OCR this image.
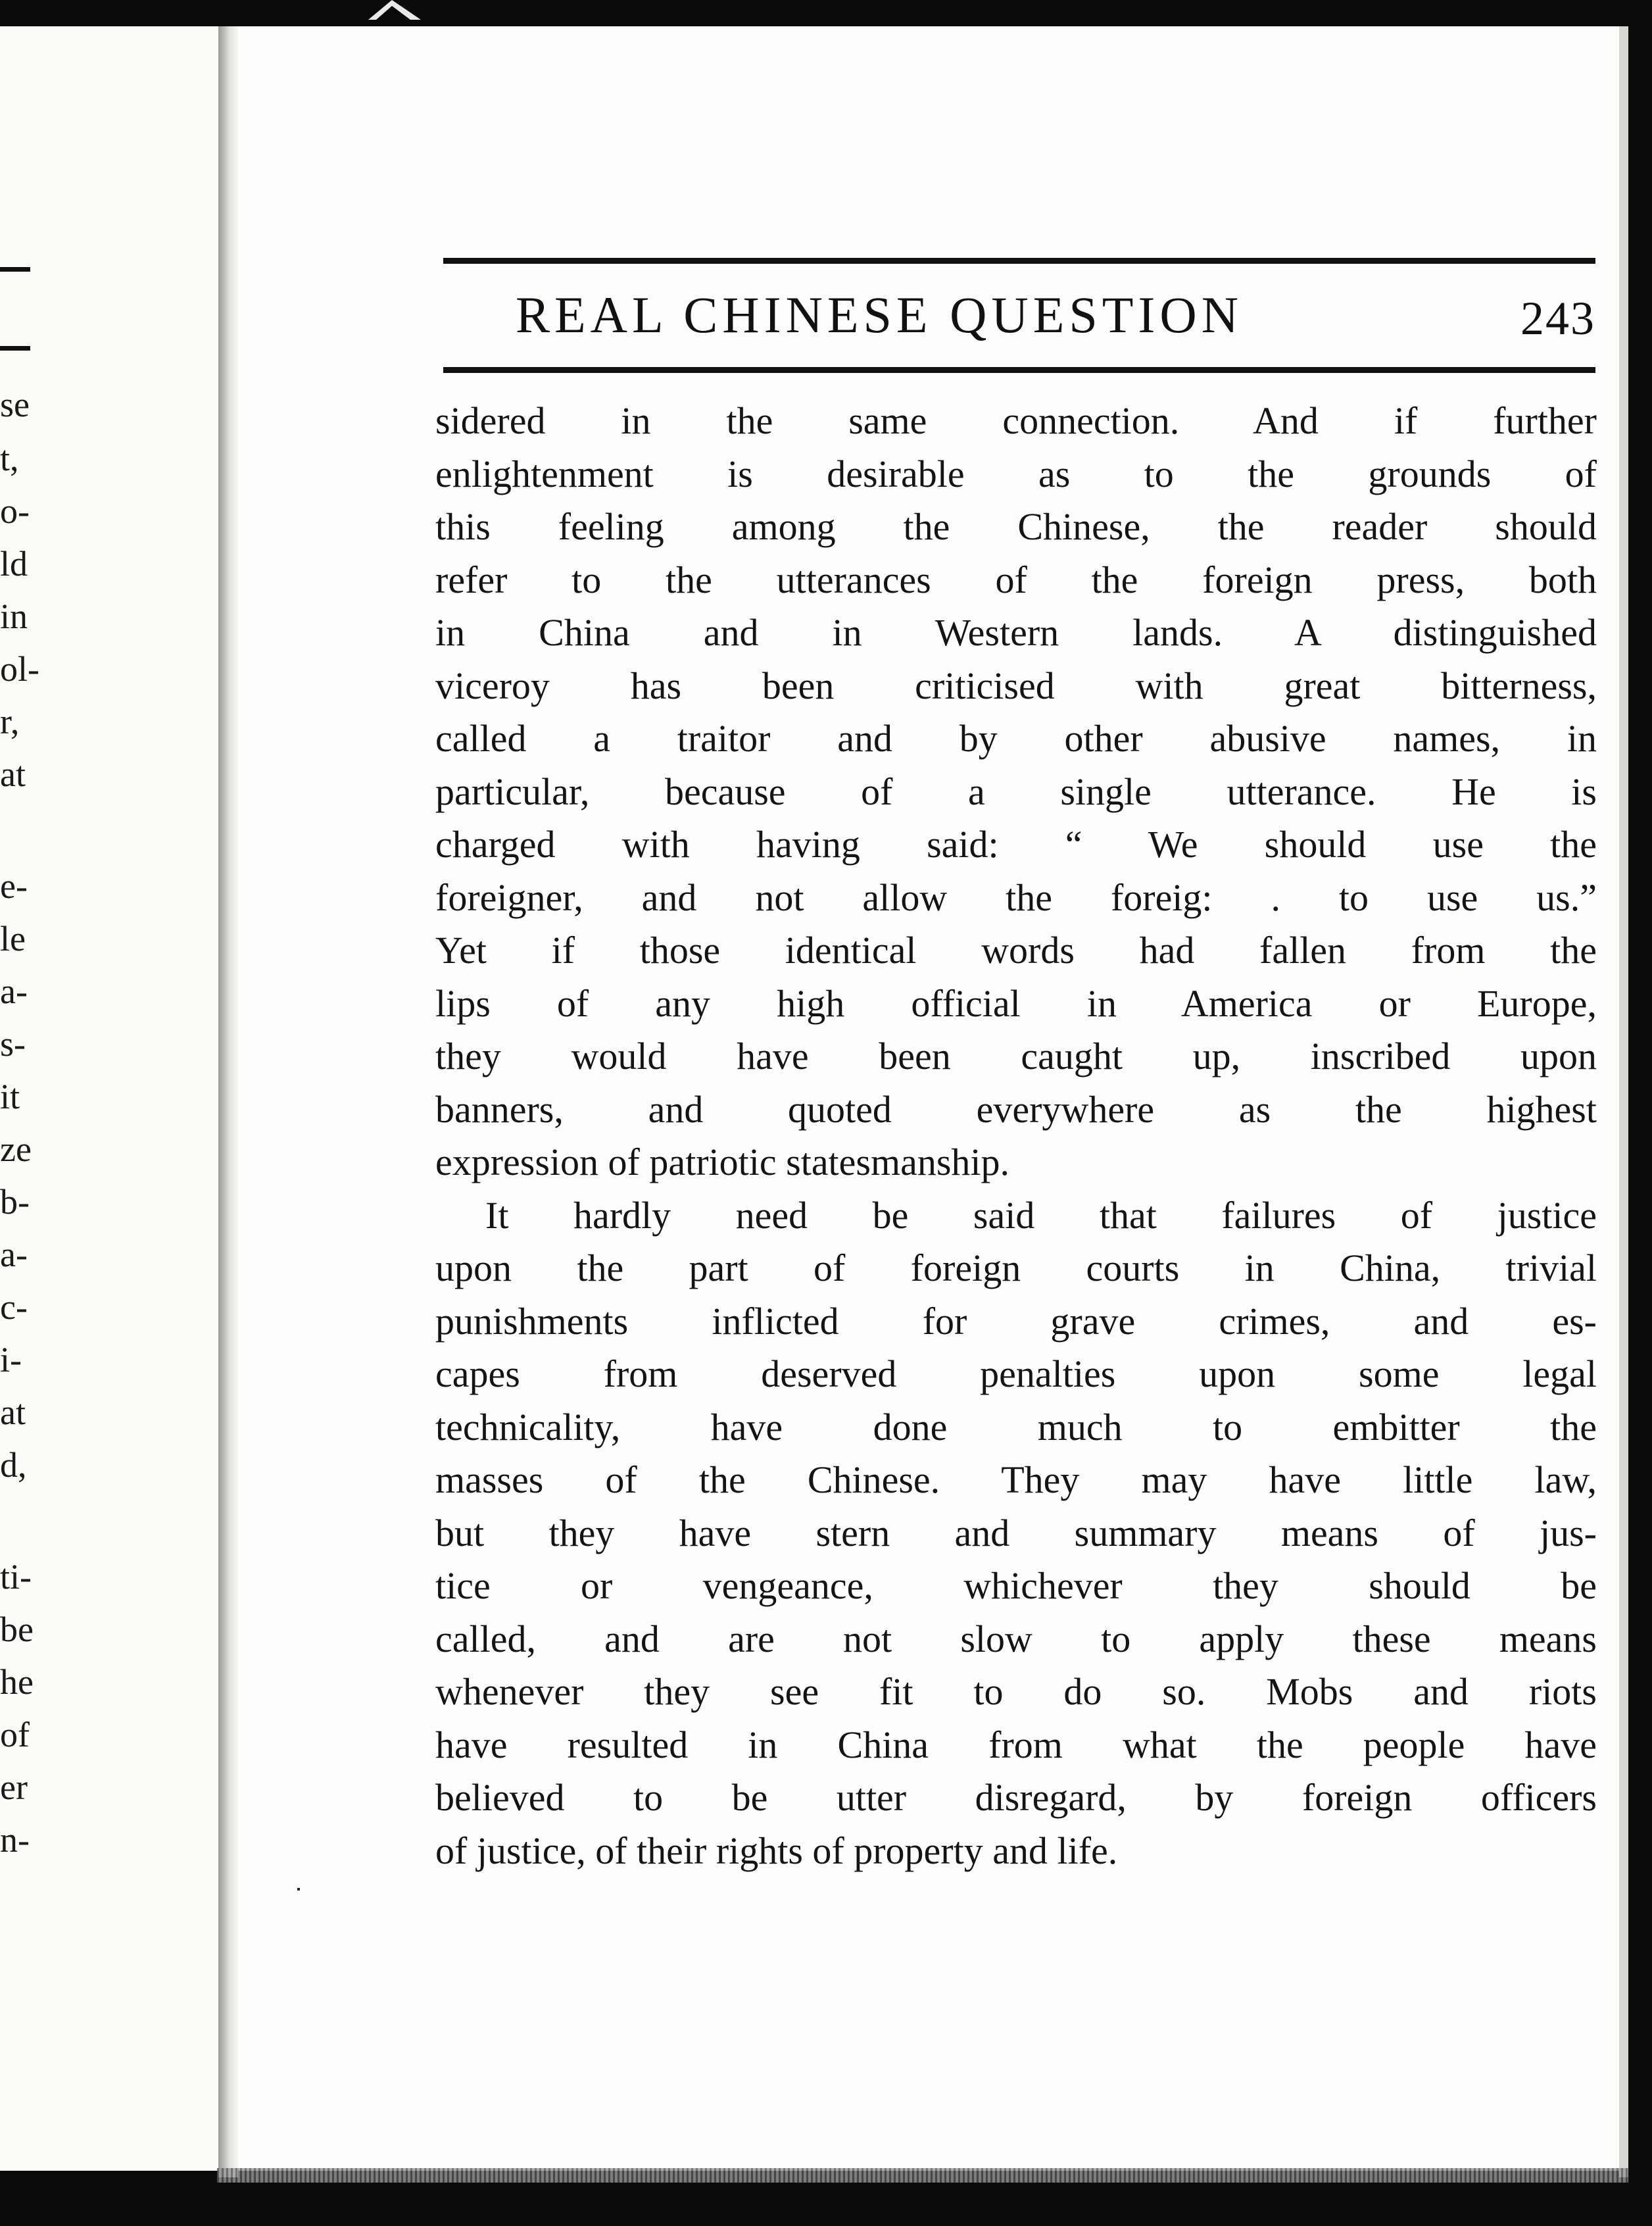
se
t,
o-
ld
in
ol-
r,
at
e-
le
a-
s-
it
ze
b-
a-
c-
i-
at
d,
ti-
be
he
of
er
n-
REAL CHINESE QUESTION	243
sidered in the same connection. And if further
enlightenment is desirable as to the grounds of
this feeling among the Chinese, the reader should
refer to the utterances of the foreign press, both
in China and in Western lands. A distinguished
viceroy has been criticised with great bitterness,
called a traitor and by other abusive names, in
particular, because of a single utterance. He is
charged with having said: “ We should use the
foreigner, and not allow the foreig: . to use us.”
Yet if those identical words had fallen from the
lips of any high official in America or Europe,
they would have been caught up, inscribed upon
banners, and quoted everywhere as the highest
expression of patriotic statesmanship.
It hardly need be said that failures of justice
upon the part of foreign courts in China, trivial
punishments inflicted for grave crimes, and es-
capes from deserved penalties upon some legal
technicality, have done much to embitter the
masses of the Chinese. They may have little law,
but they have stern and summary means of jus-
tice or vengeance, whichever they should be
called, and are not slow to apply these means
whenever they see fit to do so. Mobs and riots
have resulted in China from what the people have
believed to be utter disregard, by foreign officers
of justice, of their rights of property and life.
